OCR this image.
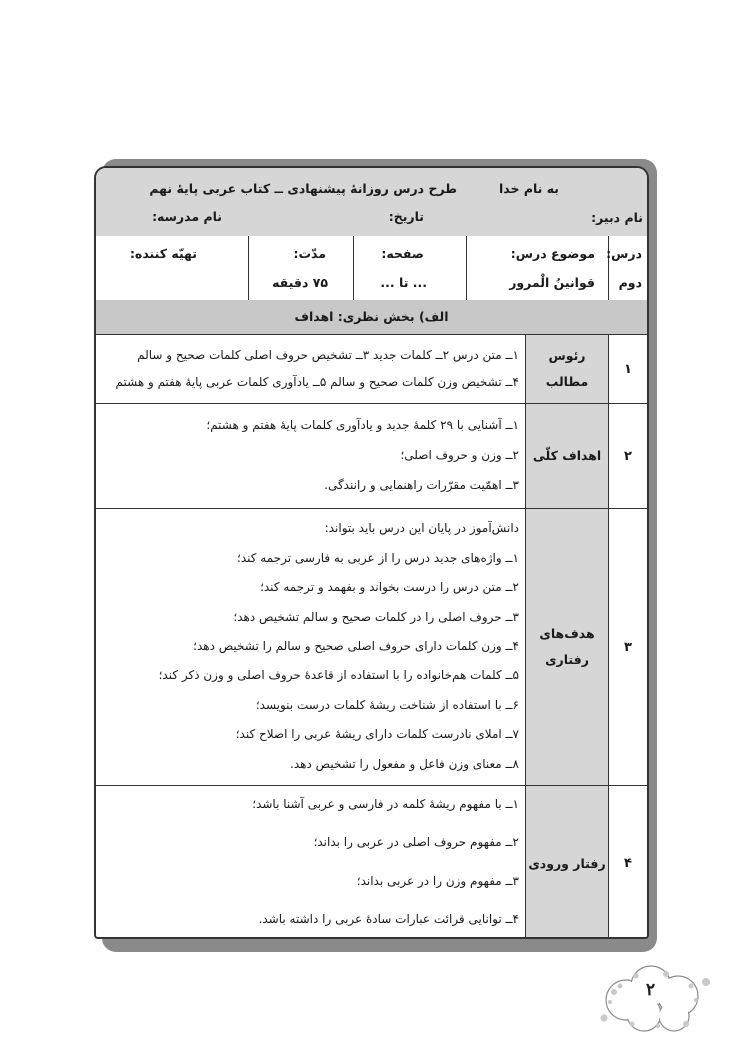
به نام خدا
طرح درس روزانهٔ پیشنهادی ــ کتاب عربی پایهٔ نهم
نام دبیر:
تاریخ:
نام مدرسه:
درس:
دوم
موضوع درس:
قوانینُ الْمرور
صفحه:
... تا ...
مدّت:
۷۵ دقیقه
تهیّه کننده:
الف) بخش نظری: اهداف
۱
رئوس مطالب
۱ــ متن درس ۲ــ کلمات جدید ۳ــ تشخیص حروف اصلی کلمات صحیح و سالم
۴ــ تشخیص وزن کلمات صحیح و سالم ۵ــ یادآوری کلمات عربی پایهٔ هفتم و هشتم
۲
اهداف کلّی
۱ــ آشنایی با ۲۹ کلمهٔ جدید و یادآوری کلمات پایهٔ هفتم و هشتم؛
۲ــ وزن و حروف اصلی؛
۳ــ اهمّیت مقرّرات راهنمایی و رانندگی.
۳
هدف‌های
رفتاری
دانش‌آموز در پایان این درس باید بتواند:
۱ــ واژه‌های جدید درس را از عربی به فارسی ترجمه کند؛
۲ــ متن درس را درست بخواند و بفهمد و ترجمه کند؛
۳ــ حروف اصلی را در کلمات صحیح و سالم تشخیص دهد؛
۴ــ وزن کلمات دارای حروف اصلی صحیح و سالم را تشخیص دهد؛
۵ــ کلمات هم‌خانواده را با استفاده از قاعدهٔ حروف اصلی و وزن ذکر کند؛
۶ــ با استفاده از شناخت ریشهٔ کلمات درست بنویسد؛
۷ــ املای نادرست کلمات دارای ریشهٔ عربی را اصلاح کند؛
۸ــ معنای وزن فاعل و مفعول را تشخیص دهد.
۴
رفتار ورودی
۱ــ با مفهوم ریشهٔ کلمه در فارسی و عربی آشنا باشد؛
۲ــ مفهوم حروف اصلی در عربی را بداند؛
۳ــ مفهوم وزن را در عربی بداند؛
۴ــ توانایی قرائت عبارات سادهٔ عربی را داشته باشد.
۲
